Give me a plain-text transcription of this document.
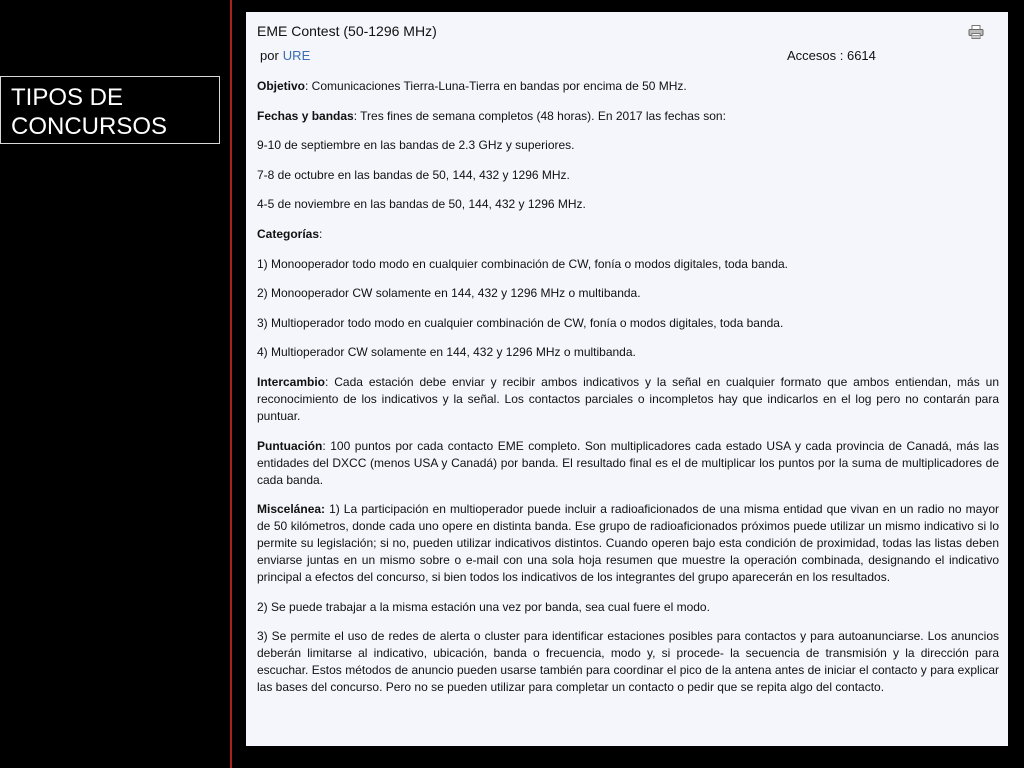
TIPOS DE
CONCURSOS
EME Contest (50-1296 MHz)
por URE	Accesos : 6614

Objetivo: Comunicaciones Tierra-Luna-Tierra en bandas por encima de 50 MHz.

Fechas y bandas: Tres fines de semana completos (48 horas). En 2017 las fechas son:

9-10 de septiembre en las bandas de 2.3 GHz y superiores.

7-8 de octubre en las bandas de 50, 144, 432 y 1296 MHz.

4-5 de noviembre en las bandas de 50, 144, 432 y 1296 MHz.

Categorías:

1) Monooperador todo modo en cualquier combinación de CW, fonía o modos digitales, toda banda.

2) Monooperador CW solamente en 144, 432 y 1296 MHz o multibanda.

3) Multioperador todo modo en cualquier combinación de CW, fonía o modos digitales, toda banda.

4) Multioperador CW solamente en 144, 432 y 1296 MHz o multibanda.

Intercambio: Cada estación debe enviar y recibir ambos indicativos y la señal en cualquier formato que ambos entiendan, más un reconocimiento de los indicativos y la señal. Los contactos parciales o incompletos hay que indicarlos en el log pero no contarán para puntuar.

Puntuación: 100 puntos por cada contacto EME completo. Son multiplicadores cada estado USA y cada provincia de Canadá, más las entidades del DXCC (menos USA y Canadá) por banda. El resultado final es el de multiplicar los puntos por la suma de multiplicadores de cada banda.

Miscelánea: 1) La participación en multioperador puede incluir a radioaficionados de una misma entidad que vivan en un radio no mayor de 50 kilómetros, donde cada uno opere en distinta banda. Ese grupo de radioaficionados próximos puede utilizar un mismo indicativo si lo permite su legislación; si no, pueden utilizar indicativos distintos. Cuando operen bajo esta condición de proximidad, todas las listas deben enviarse juntas en un mismo sobre o e-mail con una sola hoja resumen que muestre la operación combinada, designando el indicativo principal a efectos del concurso, si bien todos los indicativos de los integrantes del grupo aparecerán en los resultados.

2) Se puede trabajar a la misma estación una vez por banda, sea cual fuere el modo.

3) Se permite el uso de redes de alerta o cluster para identificar estaciones posibles para contactos y para autoanunciarse. Los anuncios deberán limitarse al indicativo, ubicación, banda o frecuencia, modo y, si procede- la secuencia de transmisión y la dirección para escuchar. Estos métodos de anuncio pueden usarse también para coordinar el pico de la antena antes de iniciar el contacto y para explicar las bases del concurso. Pero no se pueden utilizar para completar un contacto o pedir que se repita algo del contacto.
